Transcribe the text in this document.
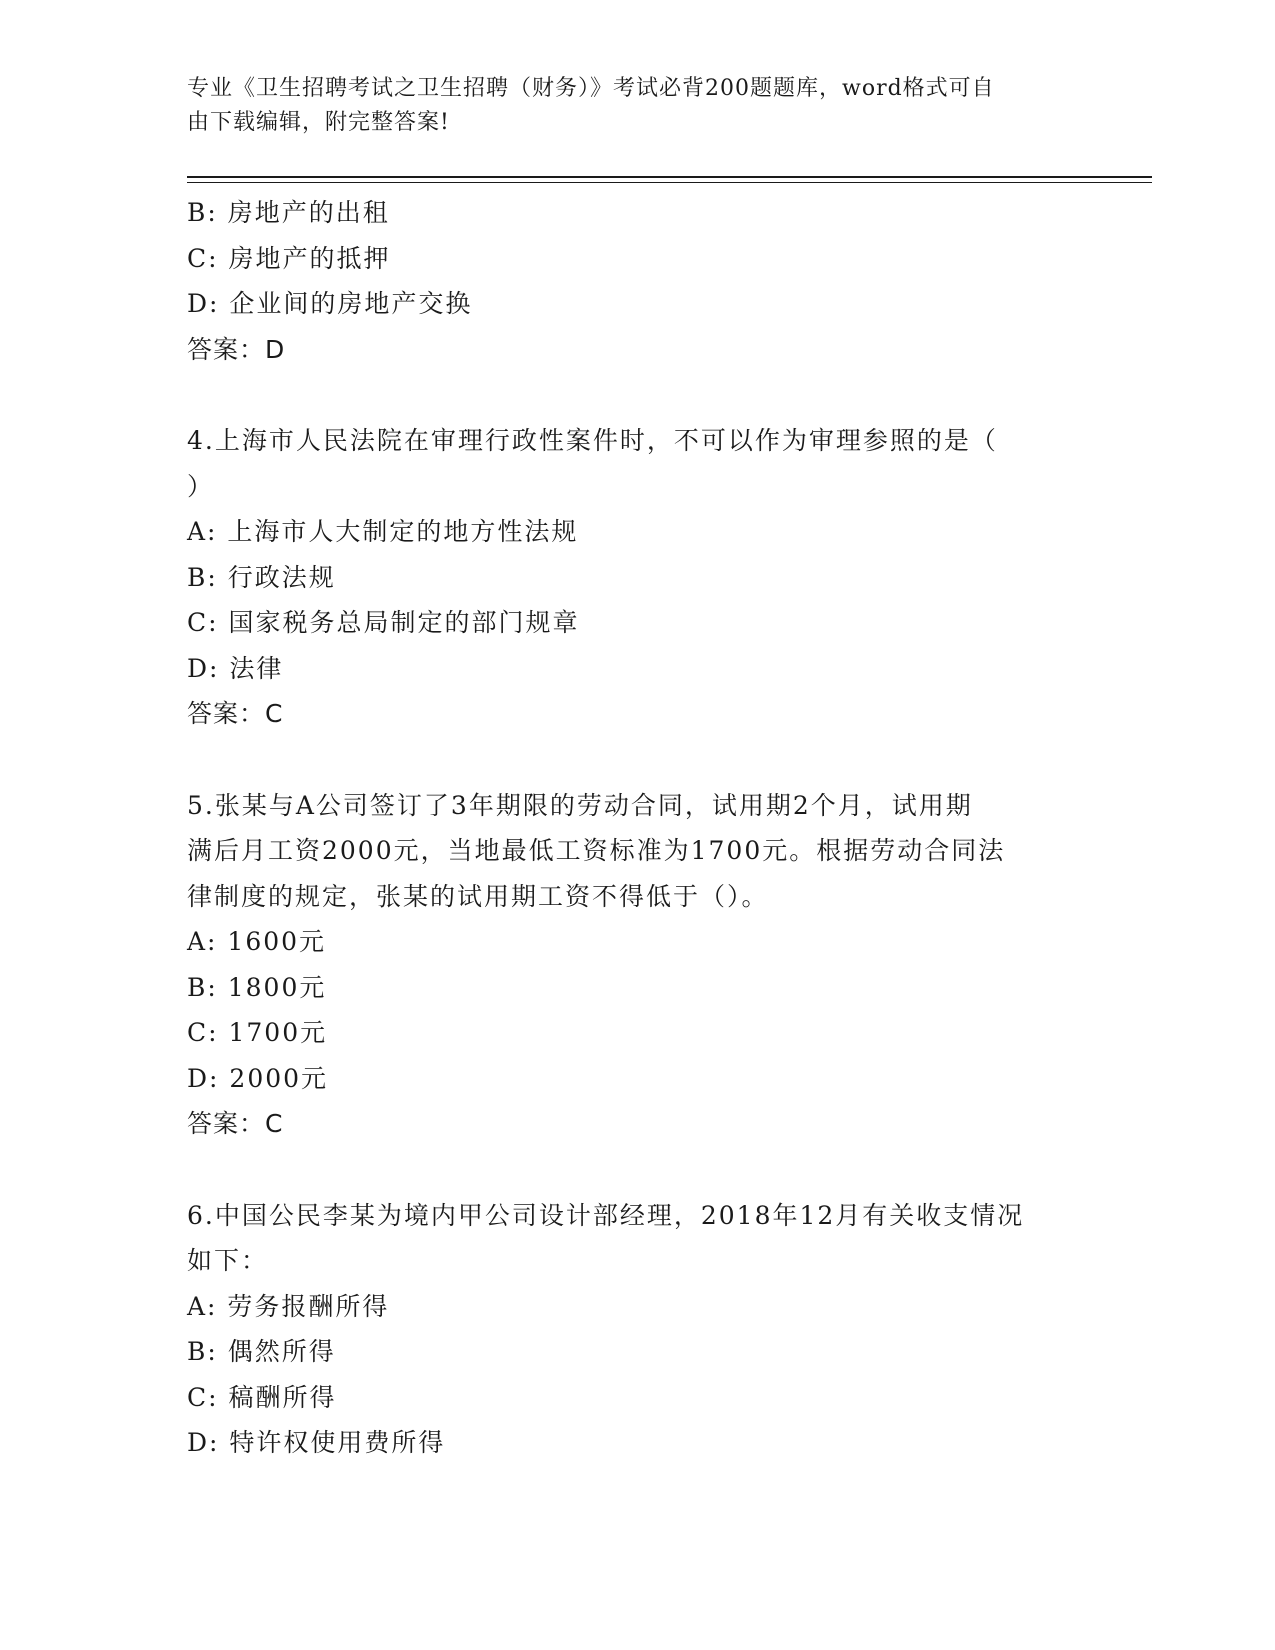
专业《卫生招聘考试之卫生招聘（财务）》考试必背200题题库，word格式可自
由下载编辑，附完整答案!
B: 房地产的出租
C: 房地产的抵押
D: 企业间的房地产交换
答案：D
4.上海市人民法院在审理行政性案件时，不可以作为审理参照的是（
）
A: 上海市人大制定的地方性法规
B: 行政法规
C: 国家税务总局制定的部门规章
D: 法律
答案：C
5.张某与A公司签订了3年期限的劳动合同，试用期2个月，试用期
满后月工资2000元，当地最低工资标准为1700元。根据劳动合同法
律制度的规定，张某的试用期工资不得低于（）。
A: 1600元
B: 1800元
C: 1700元
D: 2000元
答案：C
6.中国公民李某为境内甲公司设计部经理，2018年12月有关收支情况
如下：
A: 劳务报酬所得
B: 偶然所得
C: 稿酬所得
D: 特许权使用费所得
